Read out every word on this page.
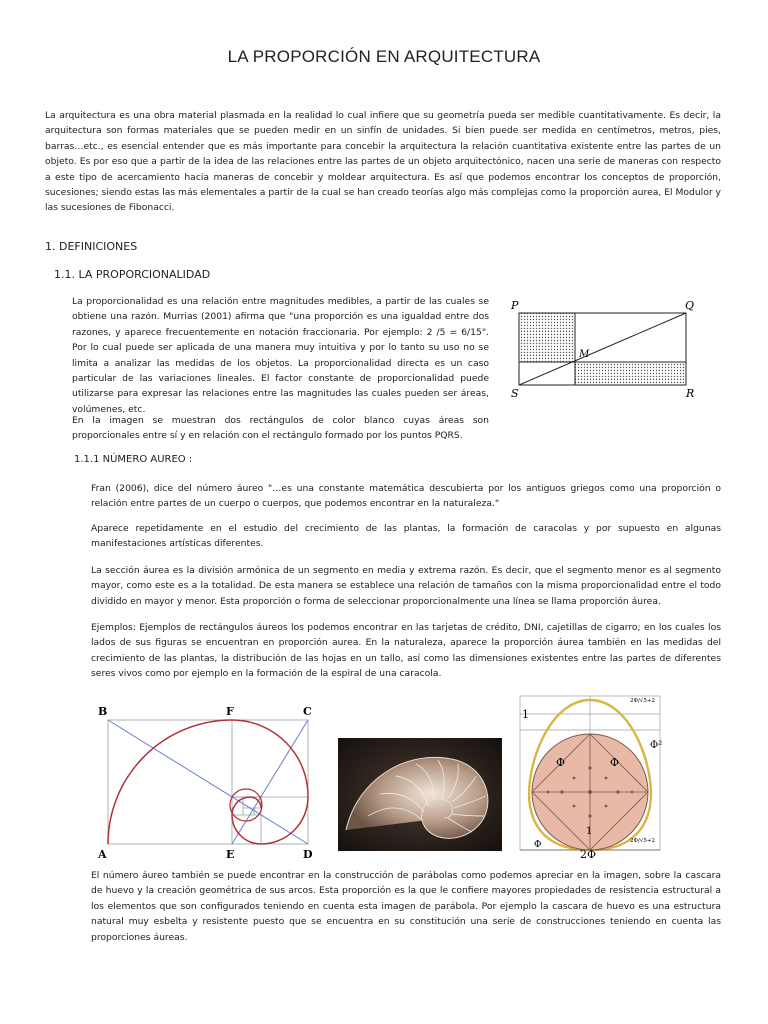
LA PROPORCIÓN EN ARQUITECTURA

La arquitectura es una obra material plasmada en la realidad lo cual infiere que su geometría pueda ser medible cuantitativamente. Es decir, la arquitectura son formas materiales que se pueden medir en un sinfín de unidades. Si bien puede ser medida en centímetros, metros, pies, barras…etc., es esencial entender que es más importante para concebir la arquitectura la relación cuantitativa existente entre las partes de un objeto. Es por eso que a partir de la idea de las relaciones entre las partes de un objeto arquitectónico, nacen una serie de maneras con respecto a este tipo de acercamiento hacia maneras de concebir y moldear arquitectura. Es así que podemos encontrar los conceptos de proporción, sucesiones; siendo estas las más elementales a partir de la cual se han creado teorías algo más complejas como la proporción aurea, El Modulor y las sucesiones de Fibonacci.

1. DEFINICIONES
1.1. LA PROPORCIONALIDAD

La proporcionalidad es una relación entre magnitudes medibles, a partir de las cuales se obtiene una razón. Murrias (2001) afirma que "una proporción es una igualdad entre dos razones, y aparece frecuentemente en notación fraccionaria. Por ejemplo: 2 /5 = 6/15". Por lo cual puede ser aplicada de una manera muy intuitiva y por lo tanto su uso no se limita a analizar las medidas de los objetos. La proporcionalidad directa es un caso particular de las variaciones lineales. El factor constante de proporcionalidad puede utilizarse para expresar las relaciones entre las magnitudes las cuales pueden ser áreas, volúmenes, etc.

En la imagen se muestran dos rectángulos de color blanco cuyas áreas son proporcionales entre sí y en relación con el rectángulo formado por los puntos PQRS.

P	Q
M
S	R
1.1.1 NÚMERO AUREO :

Fran (2006), dice del número áureo "…es una constante matemática descubierta por los antiguos griegos como una proporción o relación entre partes de un cuerpo o cuerpos, que podemos encontrar en la naturaleza."

Aparece repetidamente en el estudio del crecimiento de las plantas, la formación de caracolas y por supuesto en algunas manifestaciones artísticas diferentes.

La sección áurea es la división armónica de un segmento en media y extrema razón. Es decir, que el segmento menor es al segmento mayor, como este es a la totalidad. De esta manera se establece una relación de tamaños con la misma proporcionalidad entre el todo dividido en mayor y menor. Esta proporción o forma de seleccionar proporcionalmente una línea se llama proporción áurea.

Ejemplos: Ejemplos de rectángulos áureos los podemos encontrar en las tarjetas de crédito, DNI, cajetillas de cigarro; en los cuales los lados de sus figuras se encuentran en proporción aurea. En la naturaleza, aparece la proporción áurea también en las medidas del crecimiento de las plantas, la distribución de las hojas en un tallo, así como las dimensiones existentes entre las partes de diferentes seres vivos como por ejemplo en la formación de la espiral de una caracola.

B	F	C
A	E	D
1
Φ	Φ
Φ²
1
Φ
2Φ
2Φ/√5+2
2Φ/√5+2

El número áureo también se puede encontrar en la construcción de parábolas como podemos apreciar en la imagen, sobre la cascara de huevo y la creación geométrica de sus arcos. Esta proporción es la que le confiere mayores propiedades de resistencia estructural a los elementos que son configurados teniendo en cuenta esta imagen de parábola. Por ejemplo la cascara de huevo es una estructura natural muy esbelta y resistente puesto que se encuentra en su constitución una serie de construcciones teniendo en cuenta las proporciones áureas.
